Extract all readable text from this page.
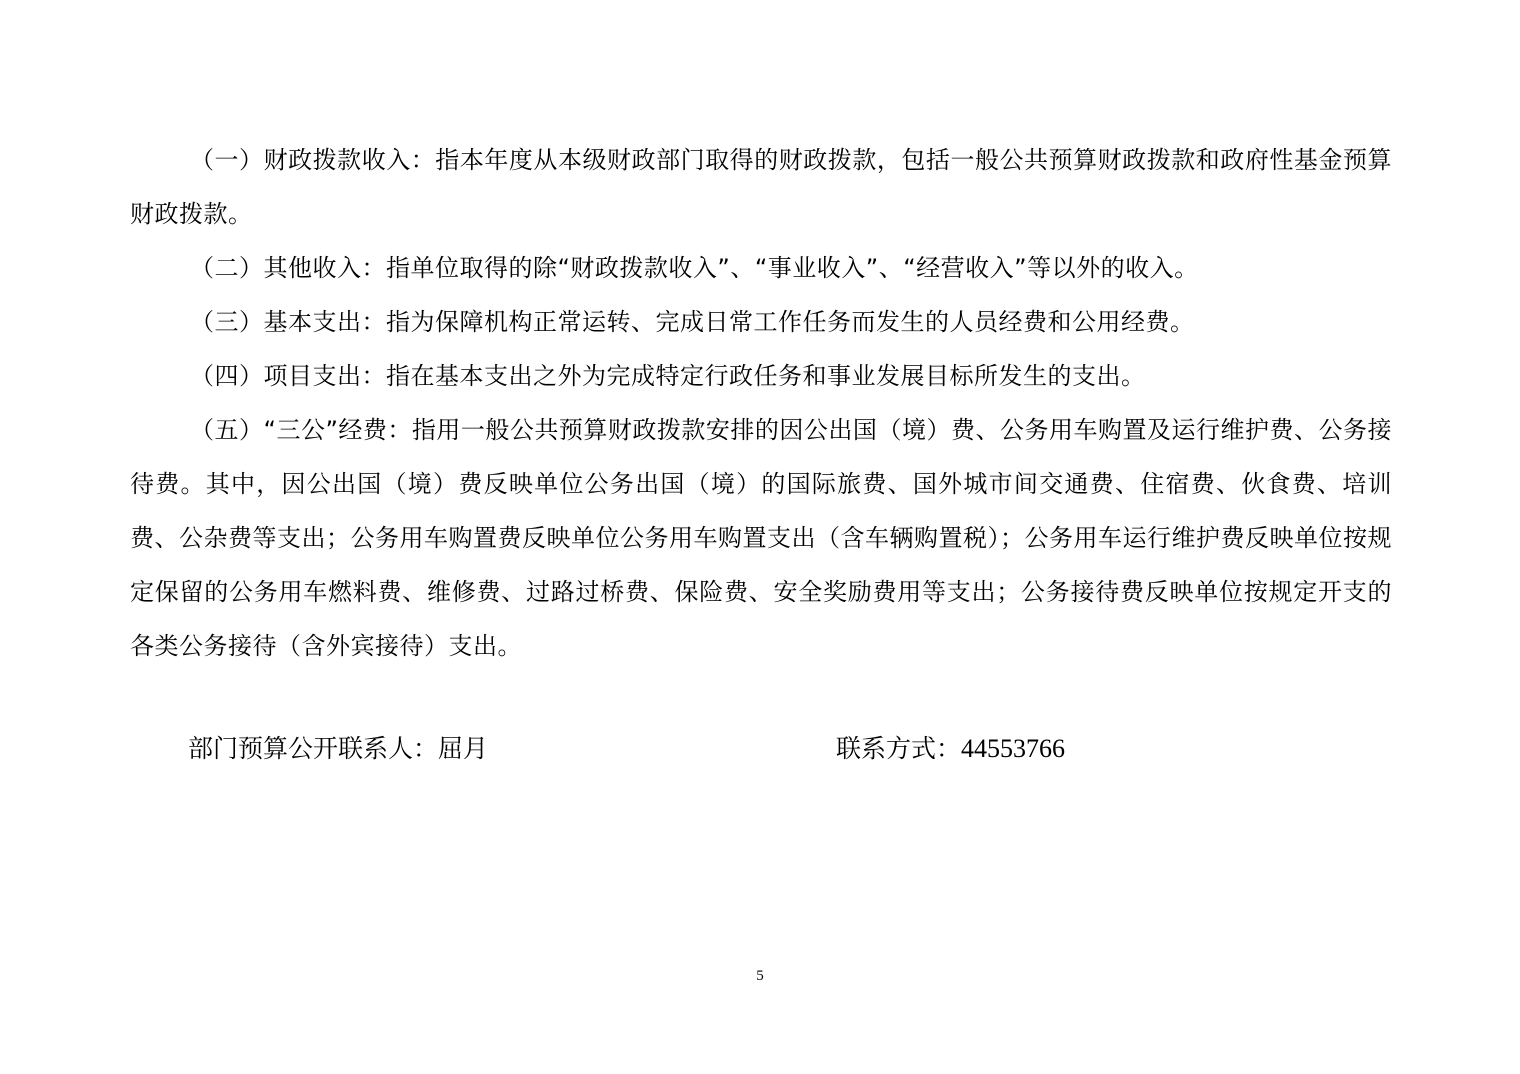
（一）财政拨款收入：指本年度从本级财政部门取得的财政拨款，包括一般公共预算财政拨款和政府性基金预算财政拨款。

（二）其他收入：指单位取得的除“财政拨款收入”、“事业收入”、“经营收入”等以外的收入。

（三）基本支出：指为保障机构正常运转、完成日常工作任务而发生的人员经费和公用经费。

（四）项目支出：指在基本支出之外为完成特定行政任务和事业发展目标所发生的支出。

（五）“三公”经费：指用一般公共预算财政拨款安排的因公出国（境）费、公务用车购置及运行维护费、公务接待费。其中，因公出国（境）费反映单位公务出国（境）的国际旅费、国外城市间交通费、住宿费、伙食费、培训费、公杂费等支出；公务用车购置费反映单位公务用车购置支出（含车辆购置税）；公务用车运行维护费反映单位按规定保留的公务用车燃料费、维修费、过路过桥费、保险费、安全奖励费用等支出；公务接待费反映单位按规定开支的各类公务接待（含外宾接待）支出。

部门预算公开联系人：屈月	联系方式：44553766
5
